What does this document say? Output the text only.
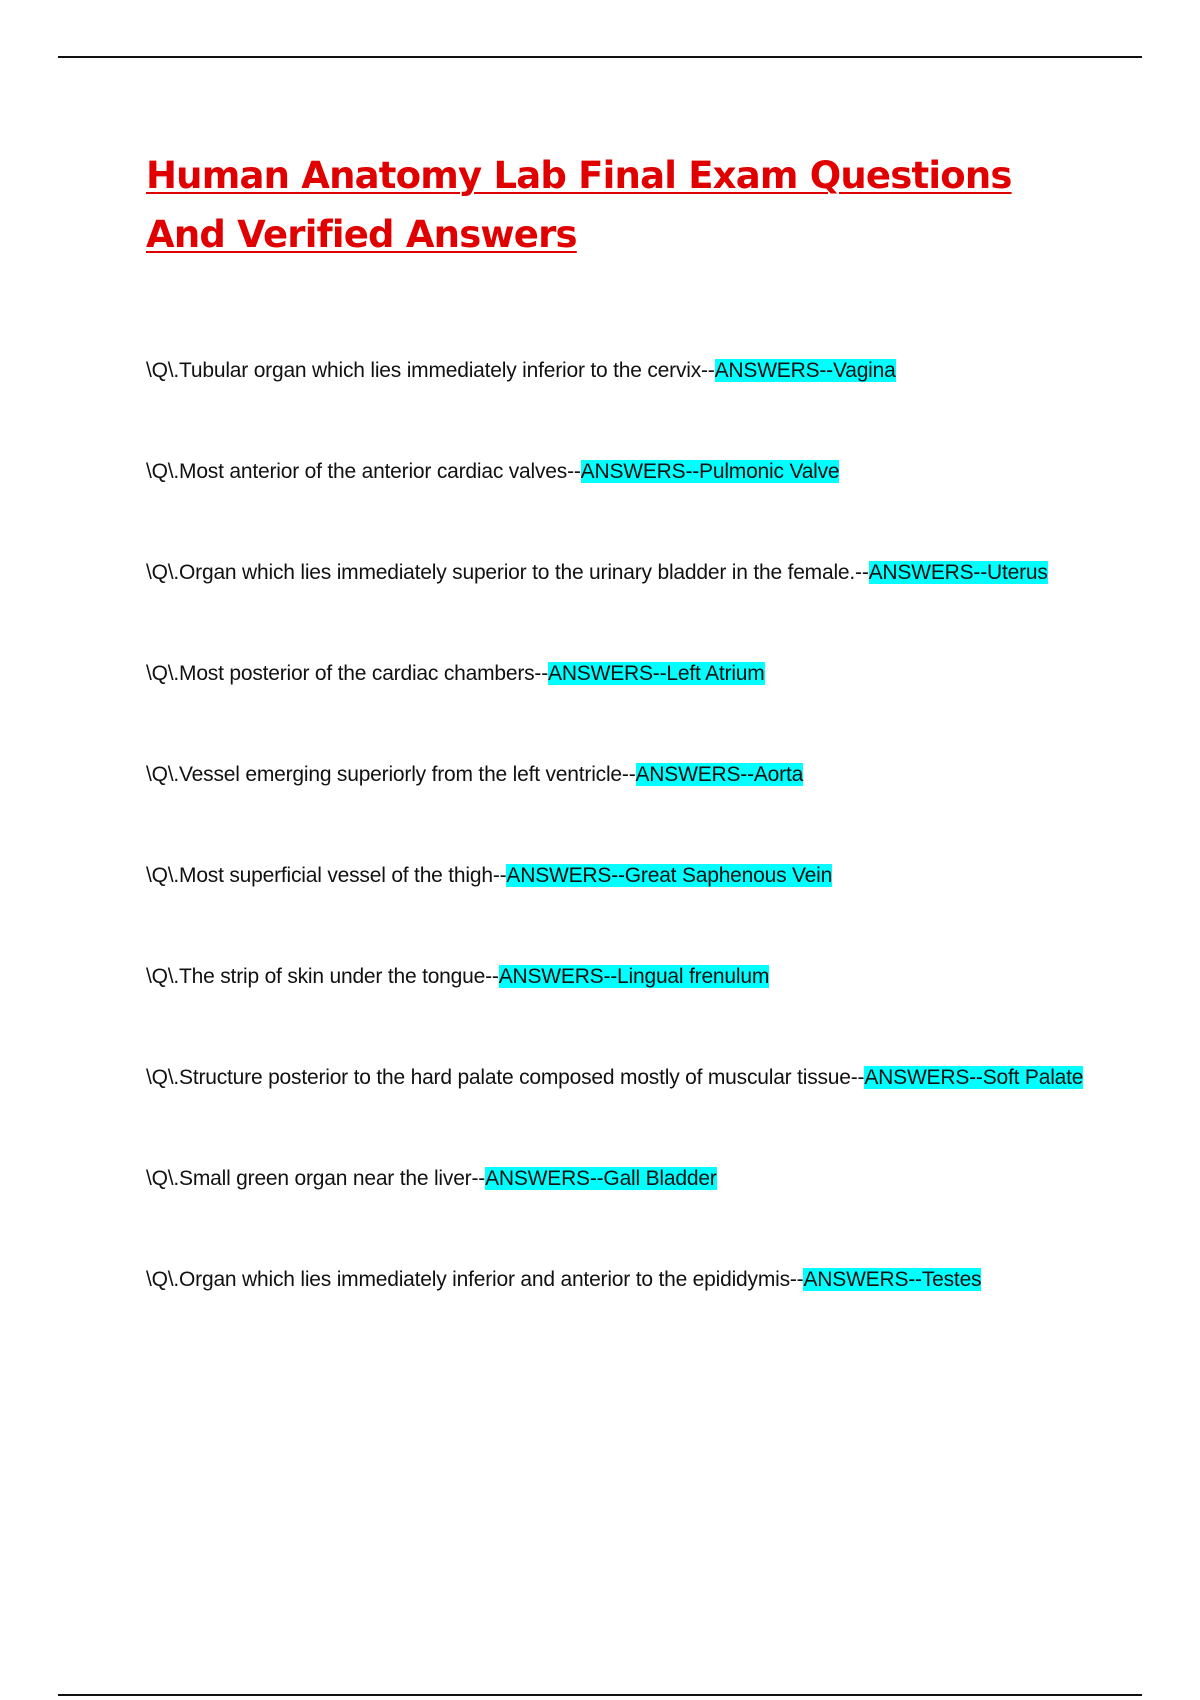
Human Anatomy Lab Final Exam Questions And Verified Answers
\Q\.Tubular organ which lies immediately inferior to the cervix--ANSWERS--Vagina
\Q\.Most anterior of the anterior cardiac valves--ANSWERS--Pulmonic Valve
\Q\.Organ which lies immediately superior to the urinary bladder in the female.--ANSWERS--Uterus
\Q\.Most posterior of the cardiac chambers--ANSWERS--Left Atrium
\Q\.Vessel emerging superiorly from the left ventricle--ANSWERS--Aorta
\Q\.Most superficial vessel of the thigh--ANSWERS--Great Saphenous Vein
\Q\.The strip of skin under the tongue--ANSWERS--Lingual frenulum
\Q\.Structure posterior to the hard palate composed mostly of muscular tissue--ANSWERS--Soft Palate
\Q\.Small green organ near the liver--ANSWERS--Gall Bladder
\Q\.Organ which lies immediately inferior and anterior to the epididymis--ANSWERS--Testes
